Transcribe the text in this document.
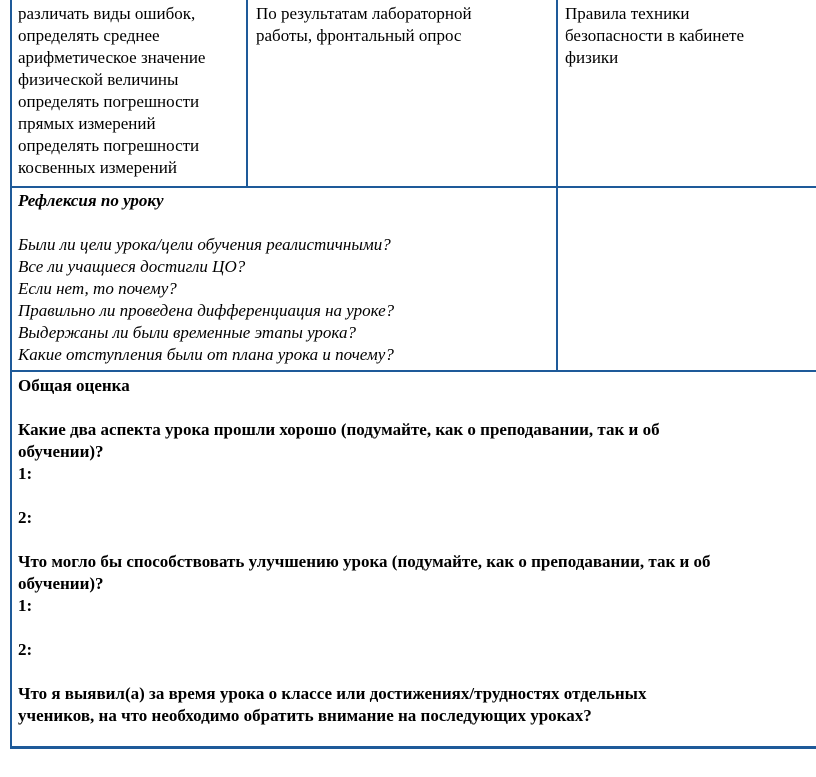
различать виды ошибок,
определять среднее
арифметическое значение
физической величины
определять погрешности
прямых измерений
определять погрешности
косвенных измерений
По результатам лабораторной
работы, фронтальный опрос
Правила техники
безопасности в кабинете
физики
Рефлексия по уроку
Были ли цели урока/цели обучения реалистичными?
Все ли учащиеся достигли ЦО?
Если нет, то почему?
Правильно ли проведена дифференциация на уроке?
Выдержаны ли были временные этапы урока?
Какие отступления были от плана урока и почему?
Общая оценка
Какие два аспекта урока прошли хорошо (подумайте, как о преподавании, так и об
обучении)?
1:
2:
Что могло бы способствовать улучшению урока (подумайте, как о преподавании, так и об
обучении)?
1:
2:
Что я выявил(а) за время урока о классе или достижениях/трудностях отдельных
учеников, на что необходимо обратить внимание на последующих уроках?
